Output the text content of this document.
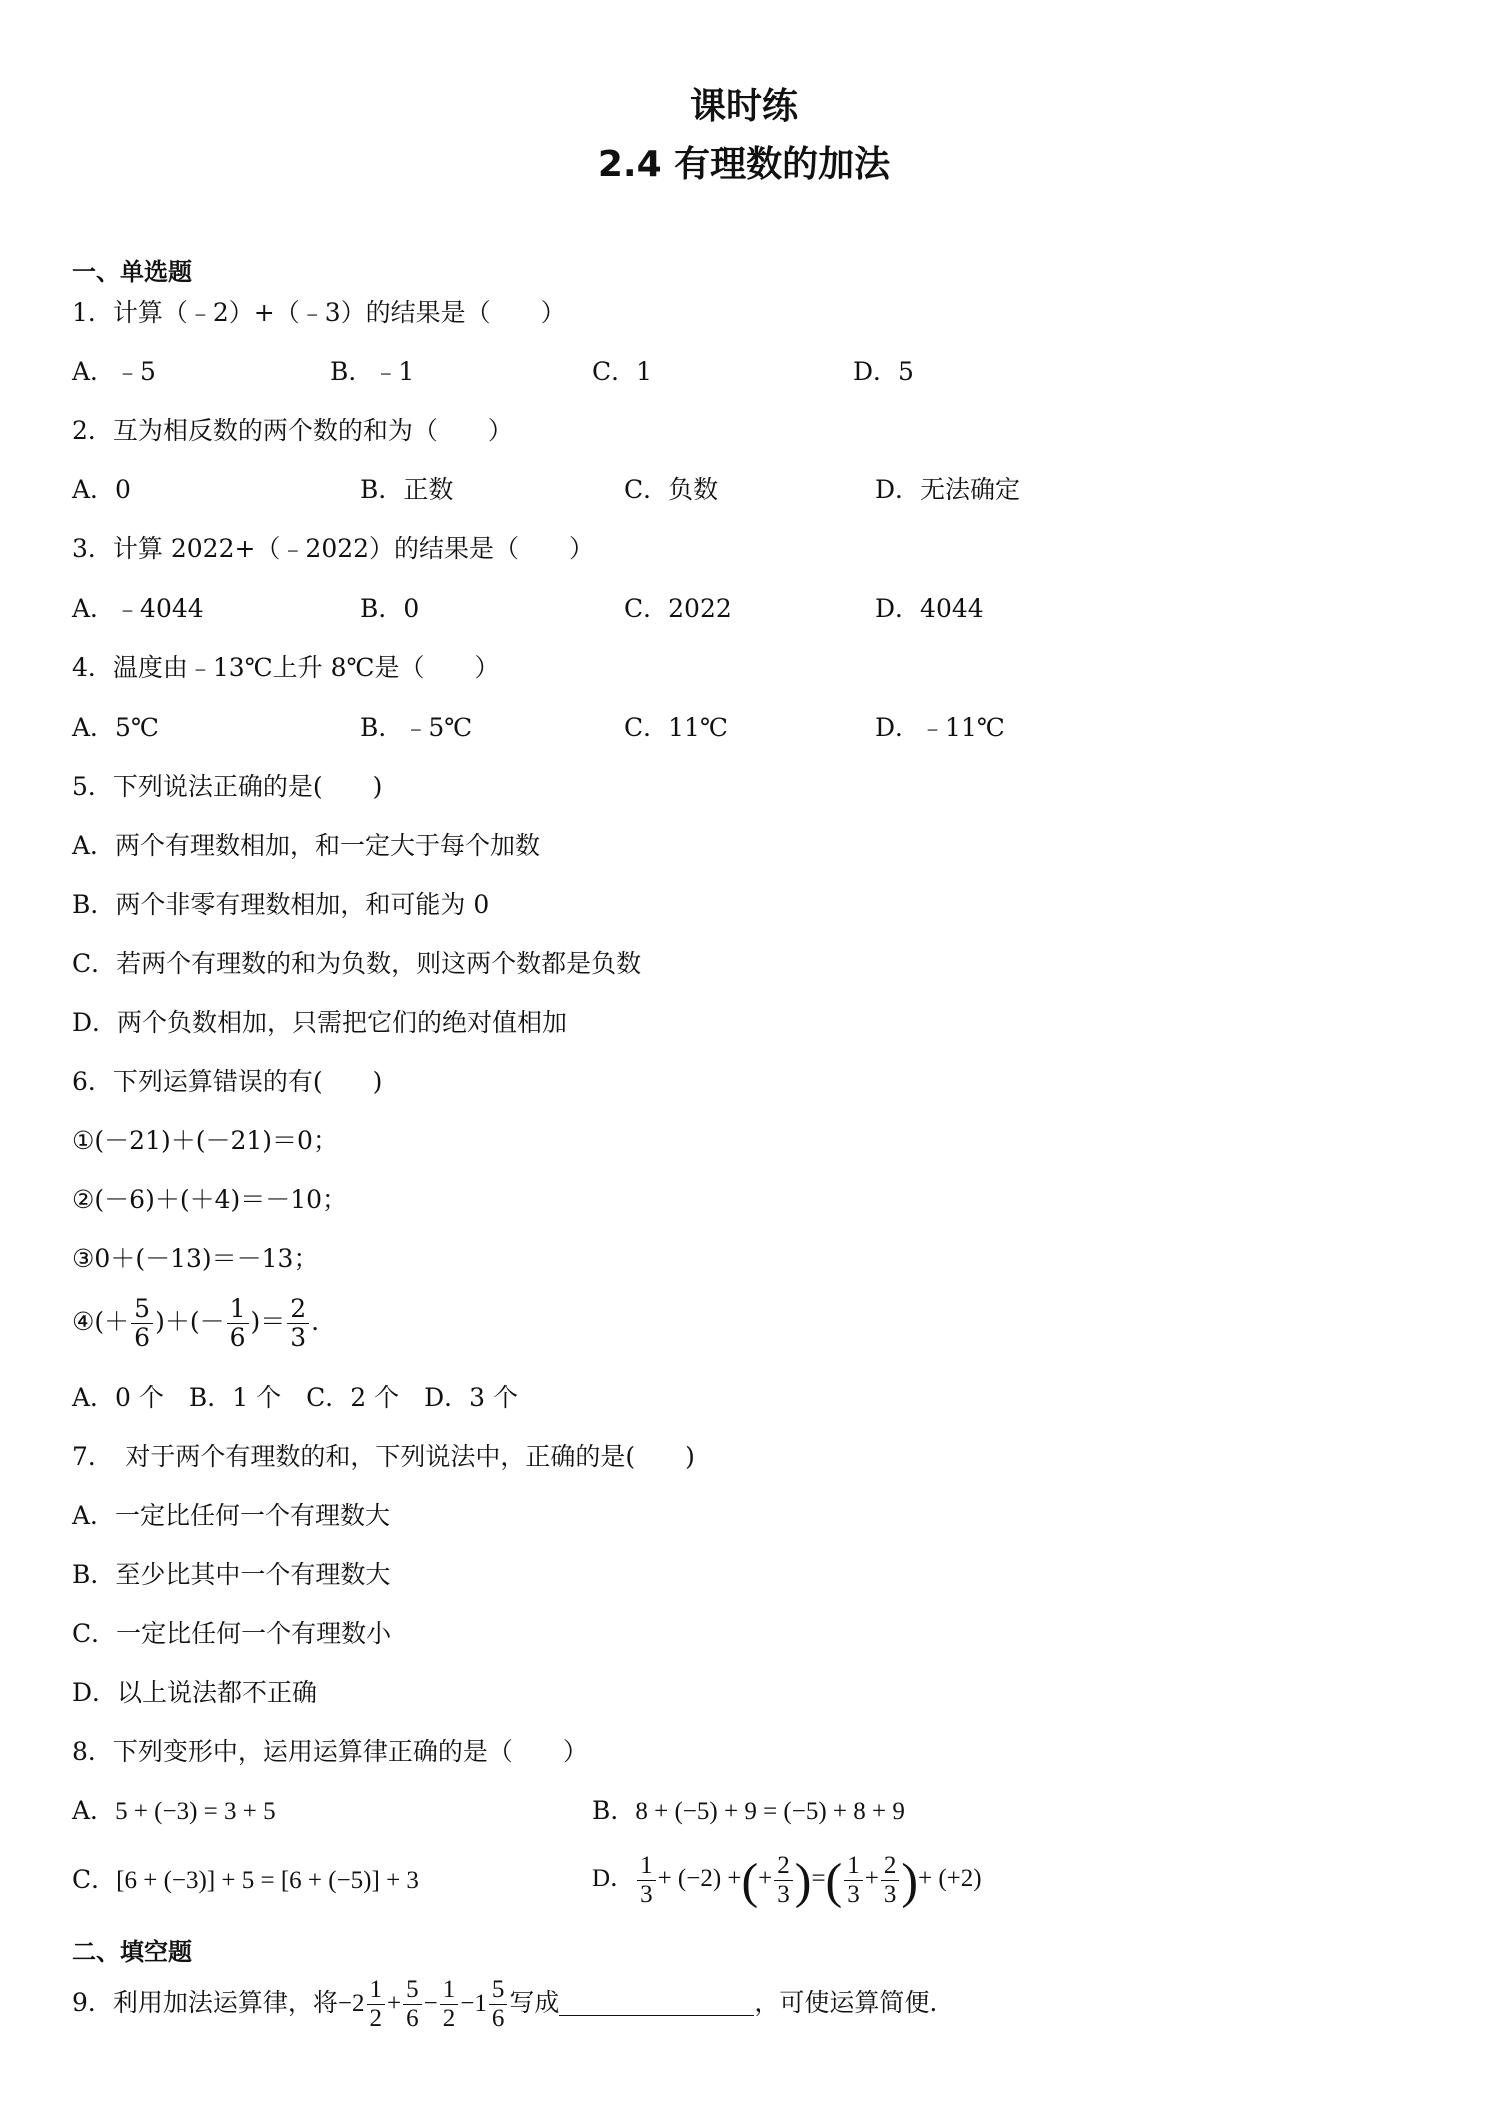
课时练
2.4 有理数的加法
一、单选题
1．计算（﹣2）+（﹣3）的结果是（　　）
A．﹣5	B．﹣1	C．1	D．5
2．互为相反数的两个数的和为（　　）
A．0	B．正数	C．负数	D．无法确定
3．计算 2022+（﹣2022）的结果是（　　）
A．﹣4044	B．0	C．2022	D．4044
4．温度由﹣13℃上升 8℃是（　　）
A．5℃	B．﹣5℃	C．11℃	D．﹣11℃
5．下列说法正确的是(　　)
A．两个有理数相加，和一定大于每个加数
B．两个非零有理数相加，和可能为 0
C．若两个有理数的和为负数，则这两个数都是负数
D．两个负数相加，只需把它们的绝对值相加
6．下列运算错误的有(　　)
①(－21)＋(－21)＝0；
②(－6)＋(＋4)＝－10；
③0＋(－13)＝－13；
④(＋ $\frac{5}{6}$ )＋(－ $\frac{1}{6}$ )＝ $\frac{2}{3}$ .
A．0 个　B．1 个　C．2 个　D．3 个
7．　对于两个有理数的和，下列说法中，正确的是(　　)
A．一定比任何一个有理数大
B．至少比其中一个有理数大
C．一定比任何一个有理数小
D．以上说法都不正确
8．下列变形中，运用运算律正确的是（　　）
A．5 + (−3) = 3 + 5	B．8 + (−5) + 9 = (−5) + 8 + 9
C．[6 + (−3)] + 5 = [6 + (−5)] + 3	D． $\frac{1}{3} + (-2)$ +(+ $\frac{2}{3}$ )=( $\frac{1}{3} + \frac{2}{3}$ )+ (+2)
二、填空题
9．利用加法运算律，将$-2 \frac{1}{2} + \frac{5}{6} - \frac{1}{2} -1 \frac{5}{6}$ 写成	，可使运算简便.
